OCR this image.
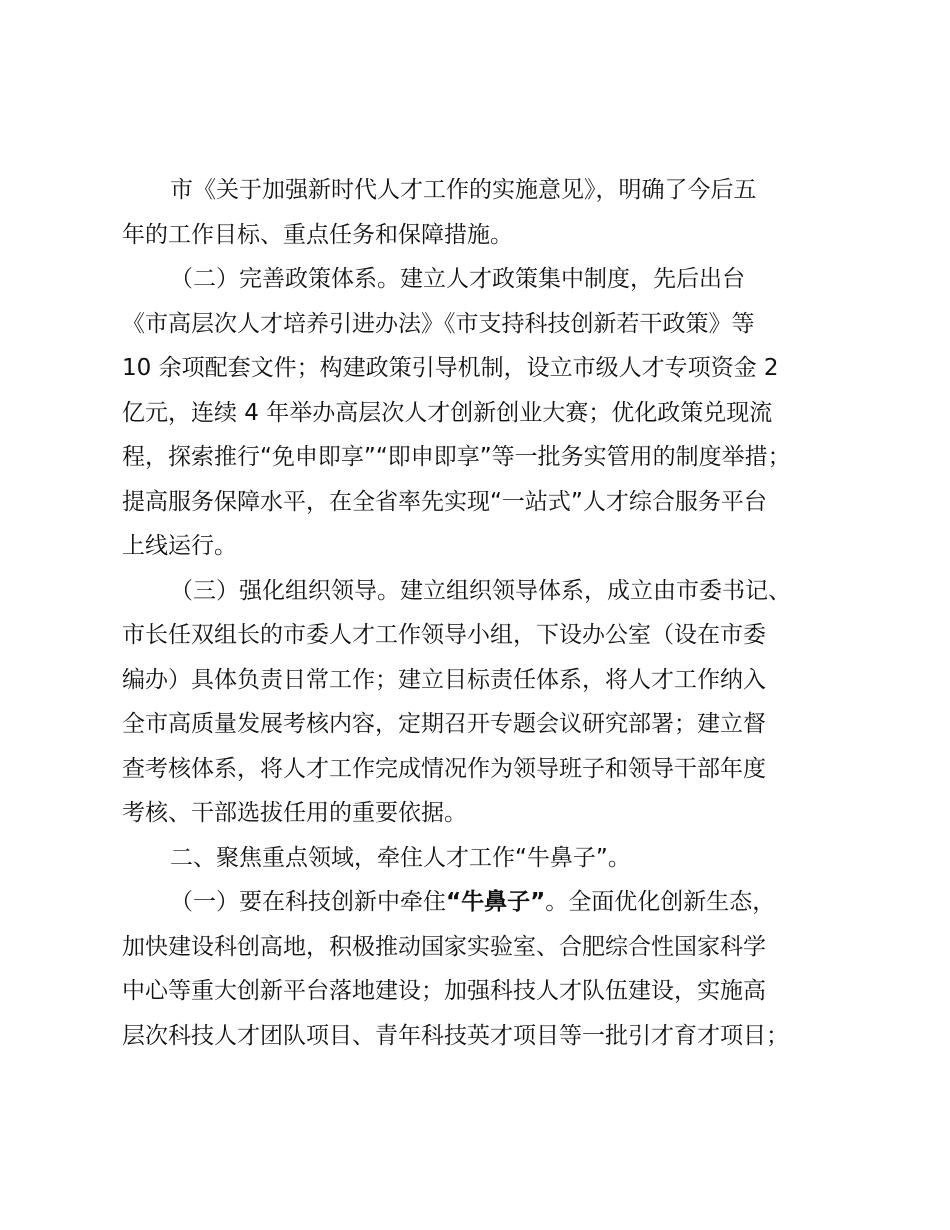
市《关于加强新时代人才工作的实施意见》，明确了今后五
年的工作目标、重点任务和保障措施。
（二）完善政策体系。建立人才政策集中制度，先后出台
《市高层次人才培养引进办法》《市支持科技创新若干政策》等
10 余项配套文件；构建政策引导机制，设立市级人才专项资金 2
亿元，连续 4 年举办高层次人才创新创业大赛；优化政策兑现流
程，探索推行“免申即享”“即申即享”等一批务实管用的制度举措；
提高服务保障水平，在全省率先实现“一站式”人才综合服务平台
上线运行。
（三）强化组织领导。建立组织领导体系，成立由市委书记、
市长任双组长的市委人才工作领导小组，下设办公室（设在市委
编办）具体负责日常工作；建立目标责任体系，将人才工作纳入
全市高质量发展考核内容，定期召开专题会议研究部署；建立督
查考核体系，将人才工作完成情况作为领导班子和领导干部年度
考核、干部选拔任用的重要依据。
二、聚焦重点领域，牵住人才工作“牛鼻子”。
（一）要在科技创新中牵住“牛鼻子”。全面优化创新生态，
加快建设科创高地，积极推动国家实验室、合肥综合性国家科学
中心等重大创新平台落地建设；加强科技人才队伍建设，实施高
层次科技人才团队项目、青年科技英才项目等一批引才育才项目；
